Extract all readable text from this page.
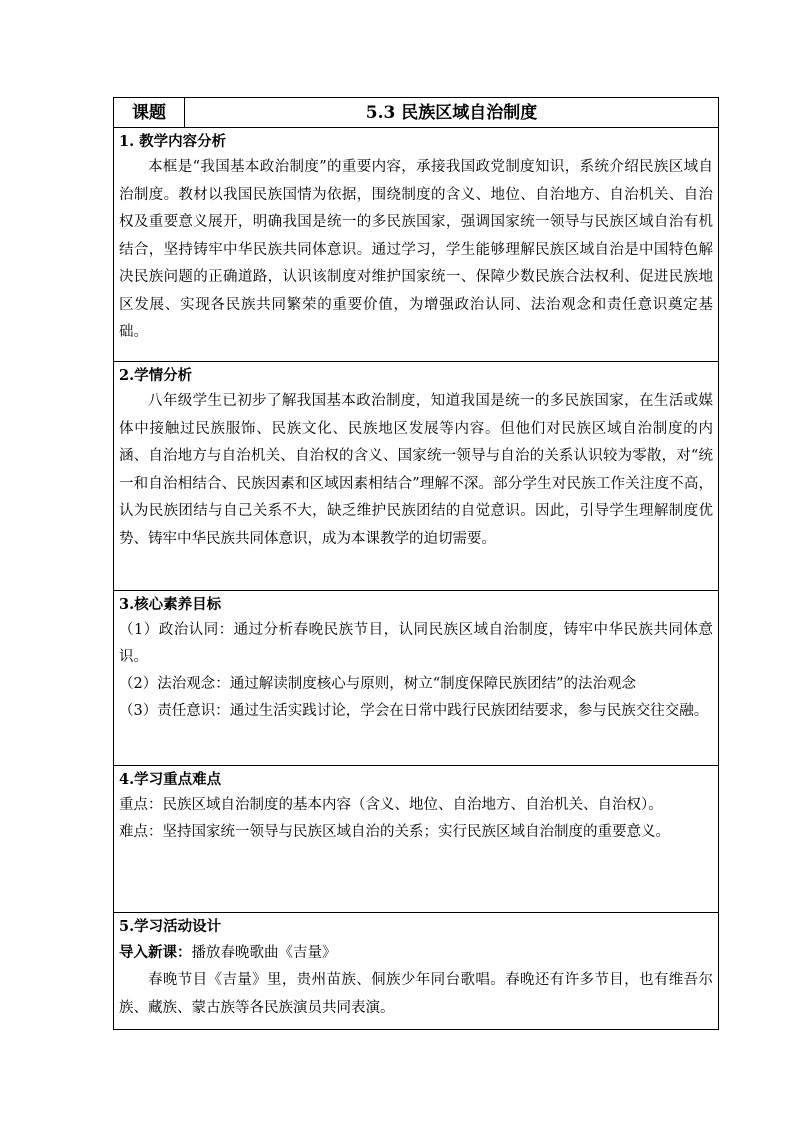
课题	5.3 民族区域自治制度

1. 教学内容分析

本框是“我国基本政治制度”的重要内容，承接我国政党制度知识，系统介绍民族区域自治制度。教材以我国民族国情为依据，围绕制度的含义、地位、自治地方、自治机关、自治权及重要意义展开，明确我国是统一的多民族国家，强调国家统一领导与民族区域自治有机结合，坚持铸牢中华民族共同体意识。通过学习，学生能够理解民族区域自治是中国特色解决民族问题的正确道路，认识该制度对维护国家统一、保障少数民族合法权利、促进民族地区发展、实现各民族共同繁荣的重要价值，为增强政治认同、法治观念和责任意识奠定基础。

2.学情分析

八年级学生已初步了解我国基本政治制度，知道我国是统一的多民族国家，在生活或媒体中接触过民族服饰、民族文化、民族地区发展等内容。但他们对民族区域自治制度的内涵、自治地方与自治机关、自治权的含义、国家统一领导与自治的关系认识较为零散，对“统一和自治相结合、民族因素和区域因素相结合”理解不深。部分学生对民族工作关注度不高，认为民族团结与自己关系不大，缺乏维护民族团结的自觉意识。因此，引导学生理解制度优势、铸牢中华民族共同体意识，成为本课教学的迫切需要。

3.核心素养目标

（1）政治认同：通过分析春晚民族节目，认同民族区域自治制度，铸牢中华民族共同体意识。

（2）法治观念：通过解读制度核心与原则，树立“制度保障民族团结”的法治观念

（3）责任意识：通过生活实践讨论，学会在日常中践行民族团结要求，参与民族交往交融。

4.学习重点难点

重点：民族区域自治制度的基本内容（含义、地位、自治地方、自治机关、自治权）。

难点：坚持国家统一领导与民族区域自治的关系；实行民族区域自治制度的重要意义。

5.学习活动设计

导入新课：播放春晚歌曲《吉量》

春晚节目《吉量》里，贵州苗族、侗族少年同台歌唱。春晚还有许多节目，也有维吾尔族、藏族、蒙古族等各民族演员共同表演。
